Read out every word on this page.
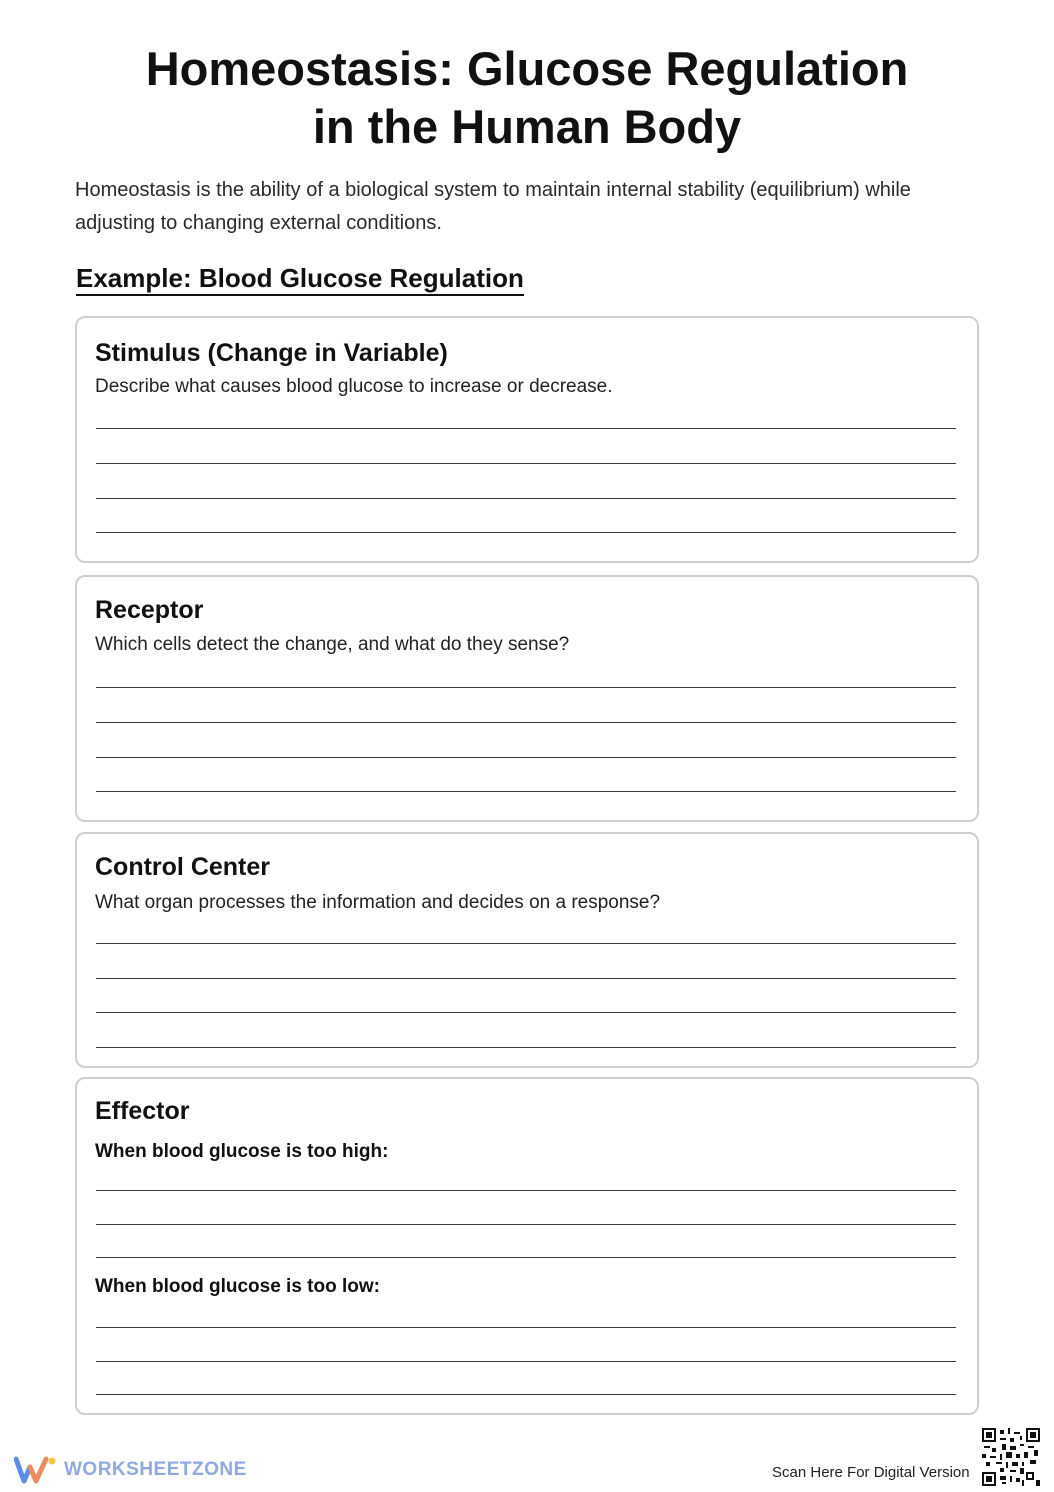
Homeostasis: Glucose Regulation
in the Human Body

Homeostasis is the ability of a biological system to maintain internal stability (equilibrium) while adjusting to changing external conditions.

Example: Blood Glucose Regulation
Stimulus (Change in Variable)

Describe what causes blood glucose to increase or decrease.

Receptor

Which cells detect the change, and what do they sense?

Control Center

What organ processes the information and decides on a response?

Effector

When blood glucose is too high:

When blood glucose is too low:

WORKSHEETZONE	Scan Here For Digital Version
